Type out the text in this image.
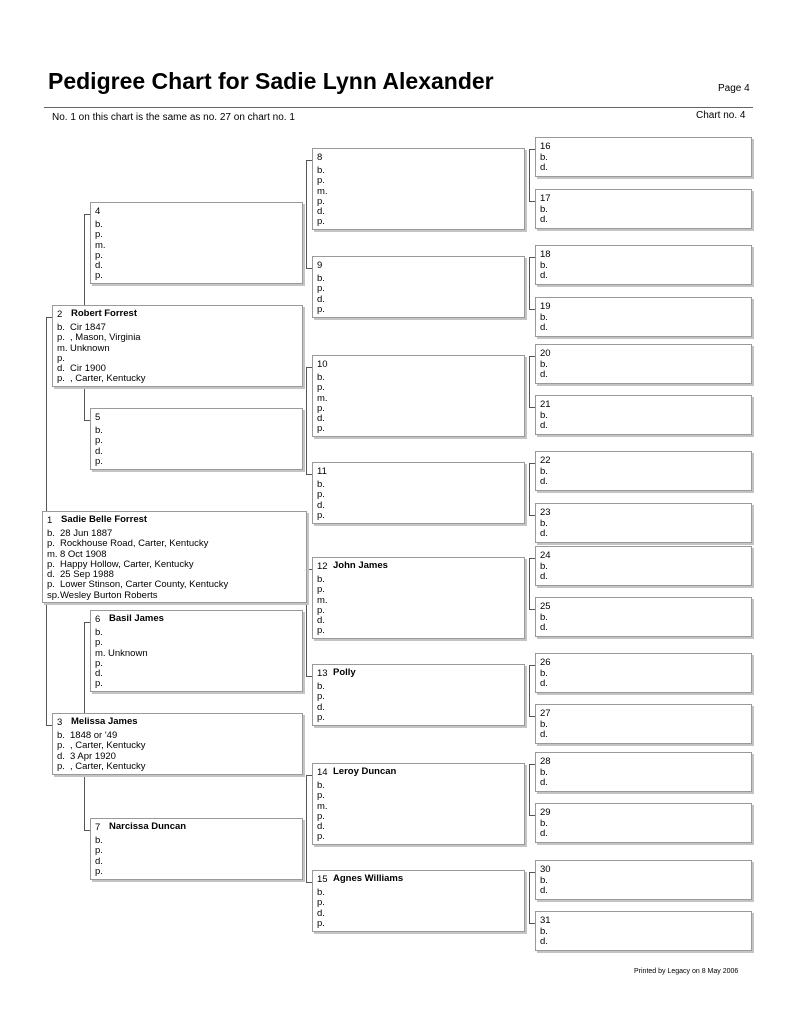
Pedigree Chart for Sadie Lynn Alexander	Page 4
No. 1 on this chart is the same as no. 27 on chart no. 1	Chart no. 4
1 Sadie Belle Forrest
b. 28 Jun 1887
p. Rockhouse Road, Carter, Kentucky
m. 8 Oct 1908
p. Happy Hollow, Carter, Kentucky
d. 25 Sep 1988
p. Lower Stinson, Carter County, Kentucky
sp.Wesley Burton Roberts
2 Robert Forrest
b. Cir 1847
p. , Mason, Virginia
m. Unknown
p.
d. Cir 1900
p. , Carter, Kentucky
3 Melissa James
b. 1848 or '49
p. , Carter, Kentucky
d. 3 Apr 1920
p. , Carter, Kentucky
4
b.
p.
m.
p.
d.
p.
5
b.
p.
d.
p.
6 Basil James
b.
p.
m. Unknown
p.
d.
p.
7 Narcissa Duncan
b.
p.
d.
p.
8
b.
p.
m.
p.
d.
p.
9
b.
p.
d.
p.
10
b.
p.
m.
p.
d.
p.
11
b.
p.
d.
p.
12 John James
b.
p.
m.
p.
d.
p.
13 Polly
b.
p.
d.
p.
14 Leroy Duncan
b.
p.
m.
p.
d.
p.
15 Agnes Williams
b.
p.
d.
p.
16
b.
d.
17
b.
d.
18
b.
d.
19
b.
d.
20
b.
d.
21
b.
d.
22
b.
d.
23
b.
d.
24
b.
d.
25
b.
d.
26
b.
d.
27
b.
d.
28
b.
d.
29
b.
d.
30
b.
d.
31
b.
d.
Printed by Legacy on 8 May 2006
